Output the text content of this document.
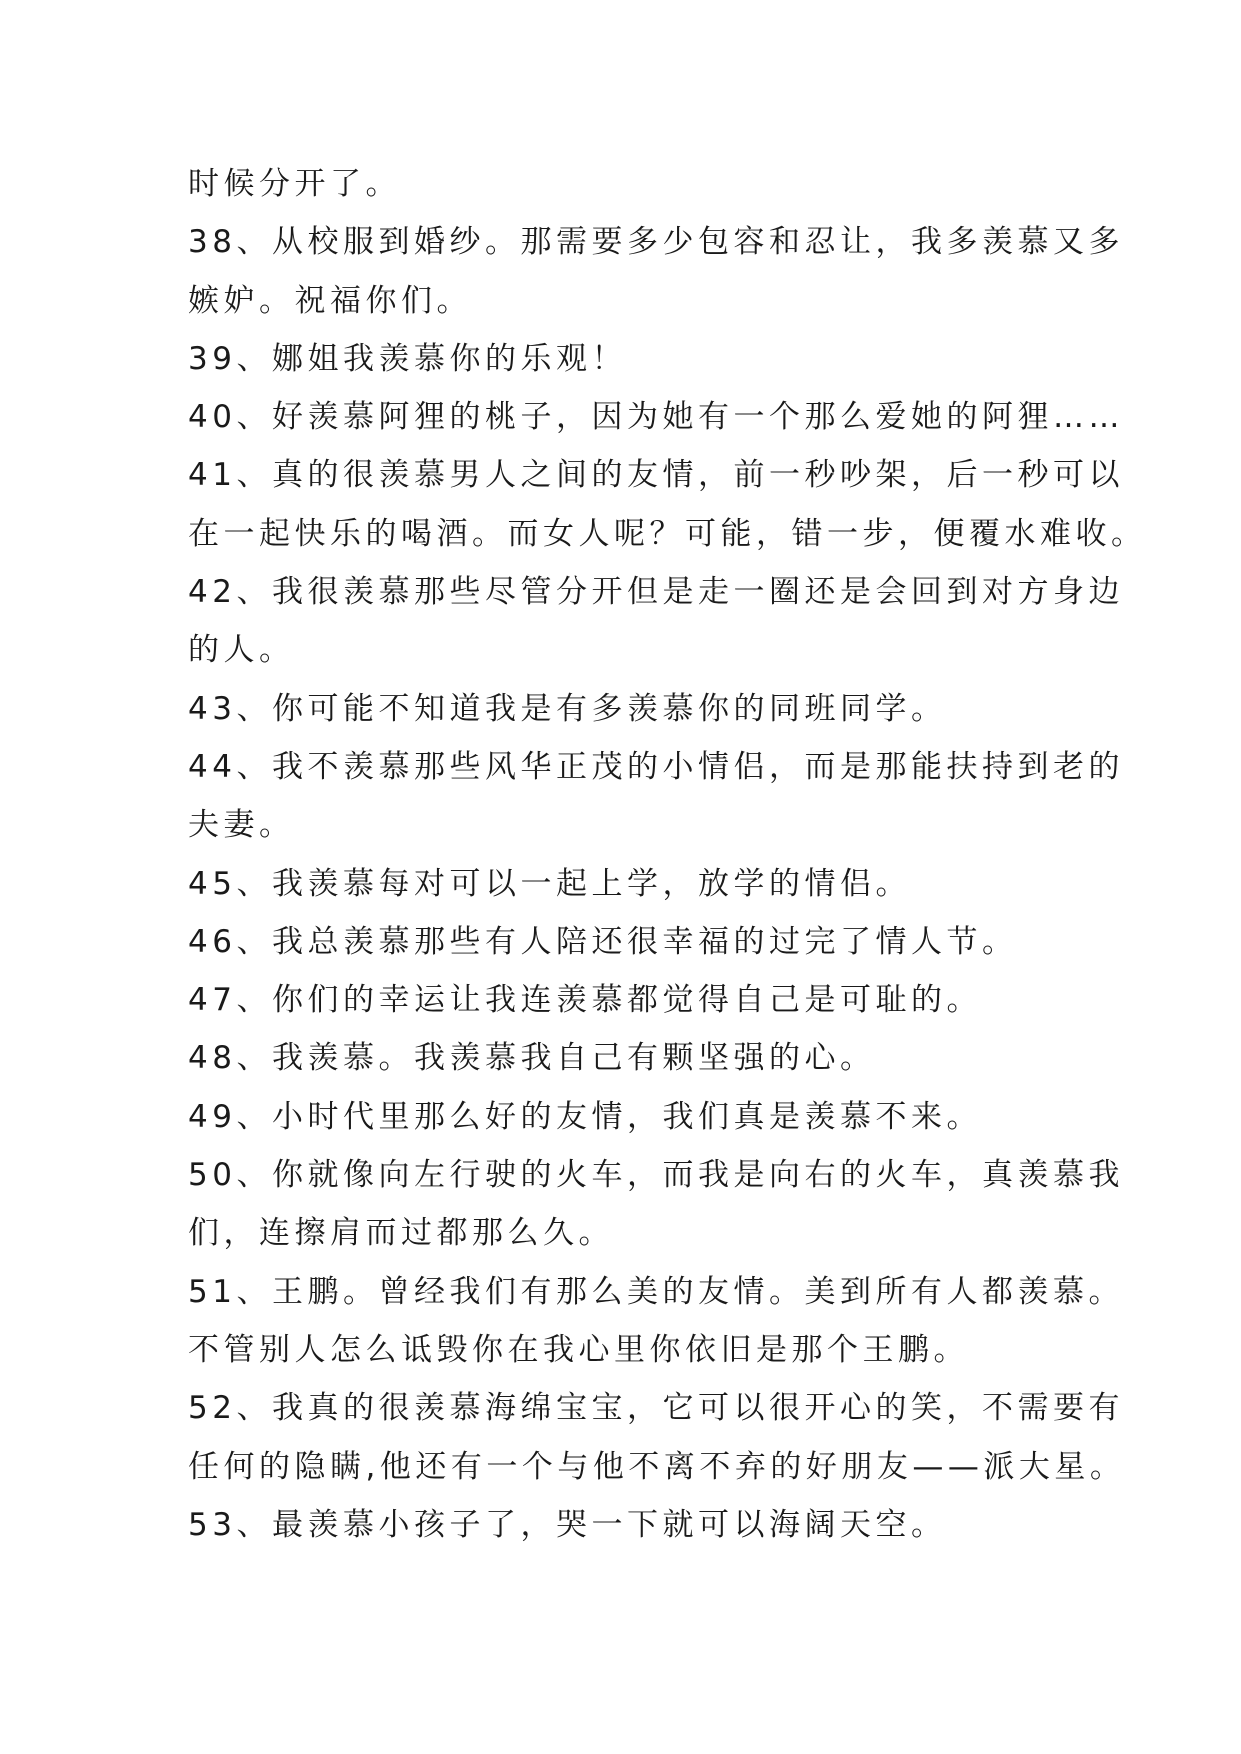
时候分开了。
38、从校服到婚纱。那需要多少包容和忍让，我多羡慕又多
嫉妒。祝福你们。
39、娜姐我羡慕你的乐观！
40、好羡慕阿狸的桃子，因为她有一个那么爱她的阿狸……
41、真的很羡慕男人之间的友情，前一秒吵架，后一秒可以
在一起快乐的喝酒。而女人呢？可能，错一步，便覆水难收。
42、我很羡慕那些尽管分开但是走一圈还是会回到对方身边
的人。
43、你可能不知道我是有多羡慕你的同班同学。
44、我不羡慕那些风华正茂的小情侣，而是那能扶持到老的
夫妻。
45、我羡慕每对可以一起上学，放学的情侣。
46、我总羡慕那些有人陪还很幸福的过完了情人节。
47、你们的幸运让我连羡慕都觉得自己是可耻的。
48、我羡慕。我羡慕我自己有颗坚强的心。
49、小时代里那么好的友情，我们真是羡慕不来。
50、你就像向左行驶的火车，而我是向右的火车，真羡慕我
们，连擦肩而过都那么久。
51、王鹏。曾经我们有那么美的友情。美到所有人都羡慕。
不管别人怎么诋毁你在我心里你依旧是那个王鹏。
52、我真的很羡慕海绵宝宝，它可以很开心的笑，不需要有
任何的隐瞒,他还有一个与他不离不弃的好朋友——派大星。
53、最羡慕小孩子了，哭一下就可以海阔天空。
